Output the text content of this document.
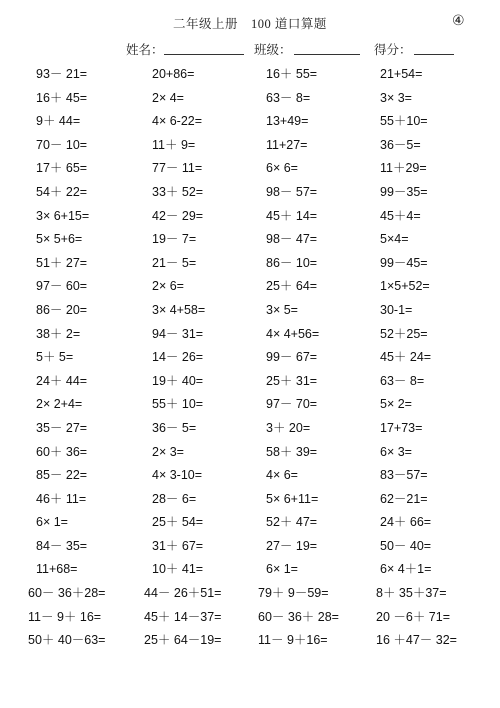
二年级上册　100 道口算题	④
姓名：	班级：	得分：
93－ 21=	20+86=	16＋ 55=	21+54=
16＋ 45=	2× 4=	63－ 8=	3× 3=
9＋ 44=	4× 6-22=	13+49=	55＋10=
70－ 10=	11＋ 9=	11+27=	36－5=
17＋ 65=	77－ 11=	6× 6=	11＋29=
54＋ 22=	33＋ 52=	98－ 57=	99－35=
3× 6+15=	42－ 29=	45＋ 14=	45＋4=
5× 5+6=	19－ 7=	98－ 47=	5×4=
51＋ 27=	21－ 5=	86－ 10=	99－45=
97－ 60=	2× 6=	25＋ 64=	1×5+52=
86－ 20=	3× 4+58=	3× 5=	30-1=
38＋ 2=	94－ 31=	4× 4+56=	52＋25=
5＋ 5=	14－ 26=	99－ 67=	45＋ 24=
24＋ 44=	19＋ 40=	25＋ 31=	63－ 8=
2× 2+4=	55＋ 10=	97－ 70=	5× 2=
35－ 27=	36－ 5=	3＋ 20=	17+73=
60＋ 36=	2× 3=	58＋ 39=	6× 3=
85－ 22=	4× 3-10=	4× 6=	83－57=
46＋ 11=	28－ 6=	5× 6+11=	62－21=
6× 1=	25＋ 54=	52＋ 47=	24＋ 66=
84－ 35=	31＋ 67=	27－ 19=	50－ 40=
11+68=	10＋ 41=	6× 1=	6× 4＋1=
60－ 36＋28=	44－ 26＋51=	79＋ 9－59=	8＋ 35＋37=
11－ 9＋ 16=	45＋ 14－37=	60－ 36＋ 28=	20 －6＋ 71=
50＋ 40－63=	25＋ 64－19=	11－ 9＋16=	16 ＋47－ 32=
